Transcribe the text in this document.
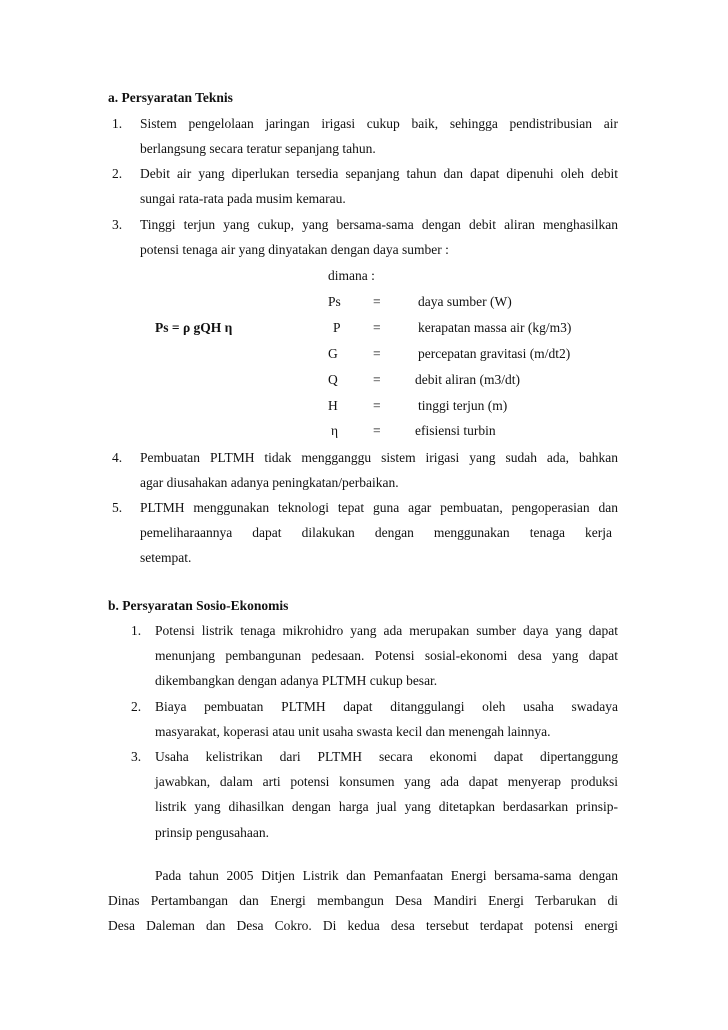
a. Persyaratan Teknis
1. Sistem pengelolaan jaringan irigasi cukup baik, sehingga pendistribusian air
berlangsung secara teratur sepanjang tahun.
2. Debit air yang diperlukan tersedia sepanjang tahun dan dapat dipenuhi oleh debit
sungai rata-rata pada musim kemarau.
3. Tinggi terjun yang cukup, yang bersama-sama dengan debit aliran menghasilkan
potensi tenaga air yang dinyatakan dengan daya sumber :
dimana :
Ps = ρ gQH η
Ps =	daya sumber (W)
P =	kerapatan massa air (kg/m3)
G	=	percepatan gravitasi (m/dt2)
Q	=	debit aliran (m3/dt)
H	=	tinggi terjun (m)
η	=	efisiensi turbin
4. Pembuatan PLTMH tidak mengganggu sistem irigasi yang sudah ada, bahkan
agar diusahakan adanya peningkatan/perbaikan.
5. PLTMH menggunakan teknologi tepat guna agar pembuatan, pengoperasian dan
pemeliharaannya dapat dilakukan dengan menggunakan tenaga kerja
setempat.
b. Persyaratan Sosio-Ekonomis
1. Potensi listrik tenaga mikrohidro yang ada merupakan sumber daya yang dapat
menunjang pembangunan pedesaan. Potensi sosial-ekonomi desa yang dapat
dikembangkan dengan adanya PLTMH cukup besar.
2. Biaya pembuatan PLTMH dapat ditanggulangi oleh usaha swadaya
masyarakat, koperasi atau unit usaha swasta kecil dan menengah lainnya.
3. Usaha kelistrikan dari PLTMH secara ekonomi dapat dipertanggung
jawabkan, dalam arti potensi konsumen yang ada dapat menyerap produksi
listrik yang dihasilkan dengan harga jual yang ditetapkan berdasarkan prinsip-
prinsip pengusahaan.
Pada tahun 2005 Ditjen Listrik dan Pemanfaatan Energi bersama-sama dengan
Dinas Pertambangan dan Energi membangun Desa Mandiri Energi Terbarukan di
Desa Daleman dan Desa Cokro. Di kedua desa tersebut terdapat potensi energi
